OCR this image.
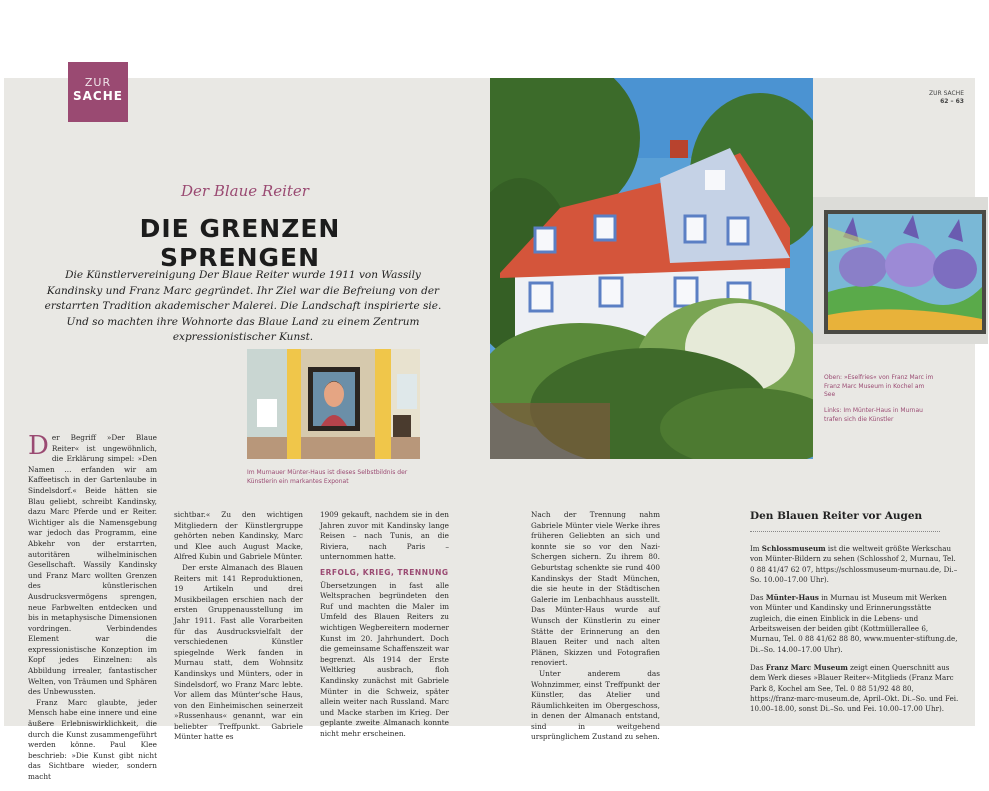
ZUR
SACHE	ZUR SACHE
62 – 63
Der Blaue Reiter
DIE GRENZEN SPRENGEN
Die Künstlervereinigung Der Blaue Reiter wurde 1911 von Wassily Kandinsky und Franz Marc gegründet. Ihr Ziel war die Befreiung von der erstarrten Tradition akademischer Malerei. Die Landschaft inspirierte sie. Und so machten ihre Wohnorte das Blaue Land zu einem Zentrum expressionistischer Kunst.
Im Murnauer Münter-Haus ist dieses Selbstbildnis der Künstlerin ein markantes Exponat
Oben: »Eselfries« von Franz Marc im Franz Marc Museum in Kochel am See
Links: Im Münter-Haus in Murnau trafen sich die Künstler
D er Begriff »Der Blaue Reiter« ist ungewöhnlich, die Erklärung simpel: »Den Namen … erfanden wir am Kaffeetisch in der Gartenlaube in Sindelsdorf.« Beide hätten sie Blau geliebt, schreibt Kandinsky, dazu Marc Pferde und er Reiter. Wichtiger als die Namensgebung war jedoch das Programm, eine Abkehr von der erstarrten, autoritären wilhelminischen Gesellschaft. Wassily Kandinsky und Franz Marc wollten Grenzen des künstlerischen Ausdrucksvermögens sprengen, neue Farbwelten entdecken und bis in metaphysische Dimensionen vordringen. Verbindendes Element war die expressionistische Konzeption im Kopf jedes Einzelnen: als Abbildung irrealer, fantastischer Welten, von Träumen und Sphären des Unbewussten.

Franz Marc glaubte, jeder Mensch habe eine innere und eine äußere Erlebniswirklichkeit, die durch die Kunst zusammengeführt werden könne. Paul Klee beschrieb: »Die Kunst gibt nicht das Sichtbare wieder, sondern macht

sichtbar.« Zu den wichtigen Mitgliedern der Künstlergruppe gehörten neben Kandinsky, Marc und Klee auch August Macke, Alfred Kubin und Gabriele Münter.

Der erste Almanach des Blauen Reiters mit 141 Reproduktionen, 19 Artikeln und drei Musikbeilagen erschien nach der ersten Gruppenausstellung im Jahr 1911. Fast alle Vorarbeiten für das Ausdrucksvielfalt der verschiedenen Künstler spiegelnde Werk fanden in Murnau statt, dem Wohnsitz Kandinskys und Münters, oder in Sindelsdorf, wo Franz Marc lebte. Vor allem das Münter'sche Haus, von den Einheimischen seinerzeit »Russenhaus« genannt, war ein beliebter Treffpunkt. Gabriele Münter hatte es

1909 gekauft, nachdem sie in den Jahren zuvor mit Kandinsky lange Reisen – nach Tunis, an die Riviera, nach Paris – unternommen hatte.

ERFOLG, KRIEG, TRENNUNG

Übersetzungen in fast alle Weltsprachen begründeten den Ruf und machten die Maler im Umfeld des Blauen Reiters zu wichtigen Wegbereitern moderner Kunst im 20. Jahrhundert. Doch die gemeinsame Schaffenszeit war begrenzt. Als 1914 der Erste Weltkrieg ausbrach, floh Kandinsky zunächst mit Gabriele Münter in die Schweiz, später allein weiter nach Russland. Marc und Macke starben im Krieg. Der geplante zweite Almanach konnte nicht mehr erscheinen.

Nach der Trennung nahm Gabriele Münter viele Werke ihres früheren Geliebten an sich und konnte sie so vor den Nazi-Schergen sichern. Zu ihrem 80. Geburtstag schenkte sie rund 400 Kandinskys der Stadt München, die sie heute in der Städtischen Galerie im Lenbachhaus ausstellt. Das Münter-Haus wurde auf Wunsch der Künstlerin zu einer Stätte der Erinnerung an den Blauen Reiter und nach alten Plänen, Skizzen und Fotografien renoviert.

Unter anderem das Wohnzimmer, einst Treffpunkt der Künstler, das Atelier und Räumlichkeiten im Obergeschoss, in denen der Almanach entstand, sind in weitgehend ursprünglichem Zustand zu sehen.

Den Blauen Reiter vor Augen

Im Schlossmuseum ist die weltweit größte Werkschau von Münter-Bildern zu sehen (Schlosshof 2, Murnau, Tel. 0 88 41/47 62 07, https://schlossmuseum-murnau.de, Di.–So. 10.00–17.00 Uhr).

Das Münter-Haus in Murnau ist Museum mit Werken von Münter und Kandinsky und Erinnerungsstätte zugleich, die einen Einblick in die Lebens- und Arbeitsweisen der beiden gibt (Kottmüllerallee 6, Murnau, Tel. 0 88 41/62 88 80, www.muenter-stiftung.de, Di.–So. 14.00–17.00 Uhr).

Das Franz Marc Museum zeigt einen Querschnitt aus dem Werk dieses »Blauer Reiter«-Mitglieds (Franz Marc Park 8, Kochel am See, Tel. 0 88 51/92 48 80, https://franz-marc-museum.de, April–Okt. Di.–So. und Fei. 10.00–18.00, sonst Di.–So. und Fei. 10.00–17.00 Uhr).
